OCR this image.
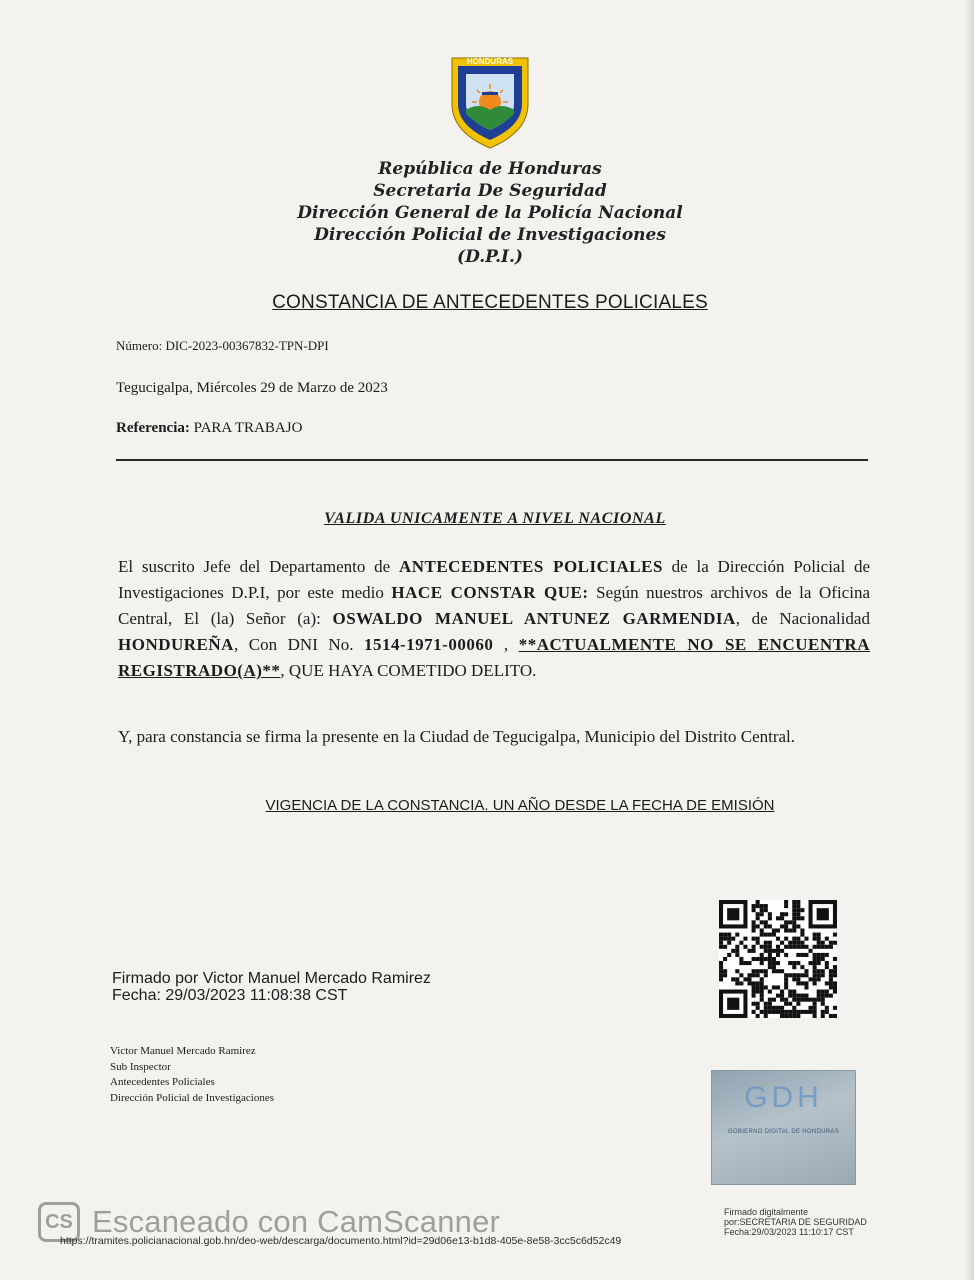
HONDURAS
República de Honduras
Secretaria De Seguridad
Dirección General de la Policía Nacional
Dirección Policial de Investigaciones
(D.P.I.)
CONSTANCIA DE ANTECEDENTES POLICIALES
Número: DIC-2023-00367832-TPN-DPI
Tegucigalpa, Miércoles 29 de Marzo de 2023
Referencia: PARA TRABAJO
VALIDA UNICAMENTE A NIVEL NACIONAL
El suscrito Jefe del Departamento de ANTECEDENTES POLICIALES de la Dirección Policial de Investigaciones D.P.I, por este medio HACE CONSTAR QUE: Según nuestros archivos de la Oficina Central, El (la) Señor (a): OSWALDO MANUEL ANTUNEZ GARMENDIA, de Nacionalidad HONDUREÑA, Con DNI No. 1514-1971-00060 , **ACTUALMENTE NO SE ENCUENTRA REGISTRADO(A)**, QUE HAYA COMETIDO DELITO.
Y, para constancia se firma la presente en la Ciudad de Tegucigalpa, Municipio del Distrito Central.
VIGENCIA DE LA CONSTANCIA. UN AÑO DESDE LA FECHA DE EMISIÓN
Firmado por Victor Manuel Mercado Ramirez
Fecha: 29/03/2023 11:08:38 CST
Victor Manuel Mercado Ramirez
Sub Inspector
Antecedentes Policiales
Dirección Policial de Investigaciones	GDH
GOBIERNO DIGITAL DE HONDURAS
Firmado digitalmente
por:SECRETARIA DE SEGURIDAD
Fecha:29/03/2023 11:10:17 CST
CS Escaneado con CamScanner
https://tramites.policianacional.gob.hn/deo-web/descarga/documento.html?id=29d06e13-b1d8-405e-8e58-3cc5c6d52c49
